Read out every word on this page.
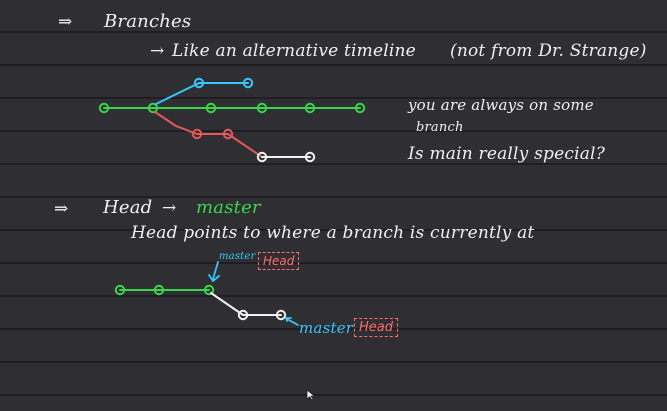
⇒ Branches
→ Like an alternative timeline (not from Dr. Strange)
you are always on some
branch
Is main really special?
⇒ Head → master
Head points to where a branch is currently at
master Head
master Head
